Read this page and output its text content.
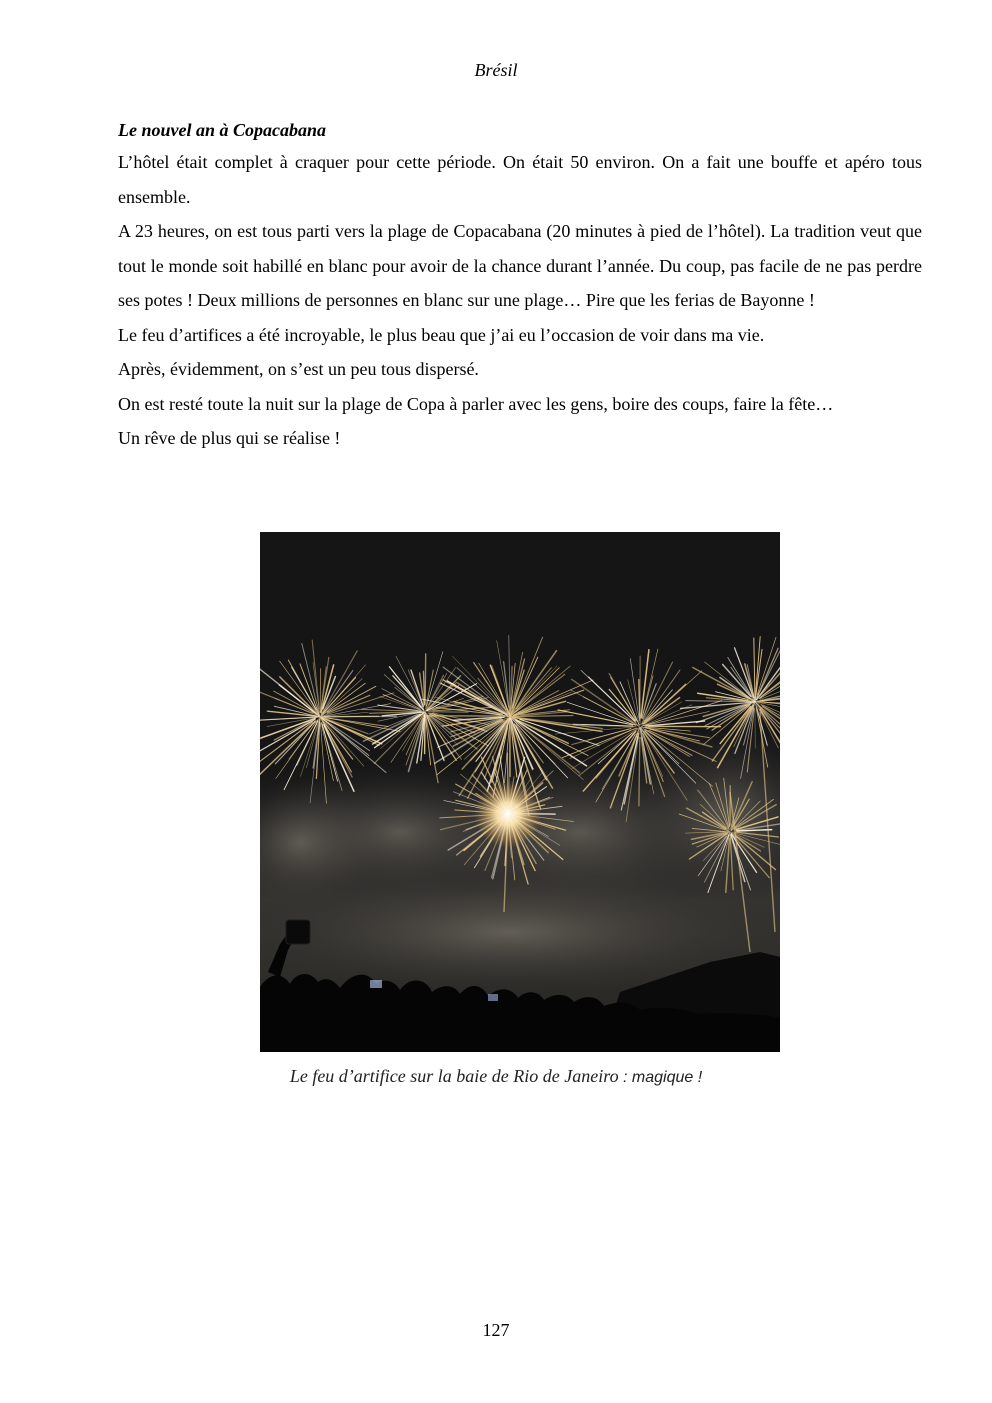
Brésil

Le nouvel an à Copacabana

L’hôtel était complet à craquer pour cette période. On était 50 environ. On a fait une bouffe et apéro tous ensemble.

A 23 heures, on est tous parti vers la plage de Copacabana (20 minutes à pied de l’hôtel). La tradition veut que tout le monde soit habillé en blanc pour avoir de la chance durant l’année. Du coup, pas facile de ne pas perdre ses potes ! Deux millions de personnes en blanc sur une plage… Pire que les ferias de Bayonne !

Le feu d’artifices a été incroyable, le plus beau que j’ai eu l’occasion de voir dans ma vie.

Après, évidemment, on s’est un peu tous dispersé.

On est resté toute la nuit sur la plage de Copa à parler avec les gens, boire des coups, faire la fête…

Un rêve de plus qui se réalise !

Le feu d’artifice sur la baie de Rio de Janeiro : magique !
127
